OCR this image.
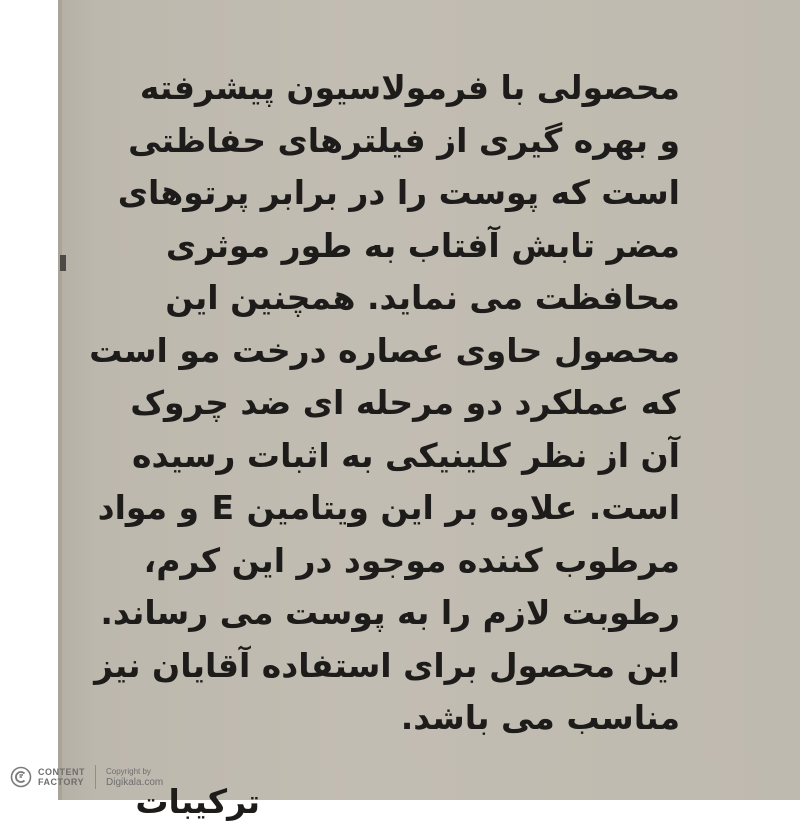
محصولی با فرمولاسیون پیشرفته
و بهره گیری از فیلترهای حفاظتی
است که پوست را در برابر پرتوهای
مضر تابش آفتاب به طور موثری
محافظت می نماید. همچنین این
محصول حاوی عصاره درخت مو است
که عملکرد دو مرحله ای ضد چروک
آن از نظر کلینیکی به اثبات رسیده
است. علاوه بر این ویتامین E و مواد
مرطوب کننده موجود در این کرم،
رطوبت لازم را به پوست می رساند.
این محصول برای استفاده آقایان نیز
مناسب می باشد.
ترکیبات
CONTENT
FACTORY
Copyright by
Digikala.com
